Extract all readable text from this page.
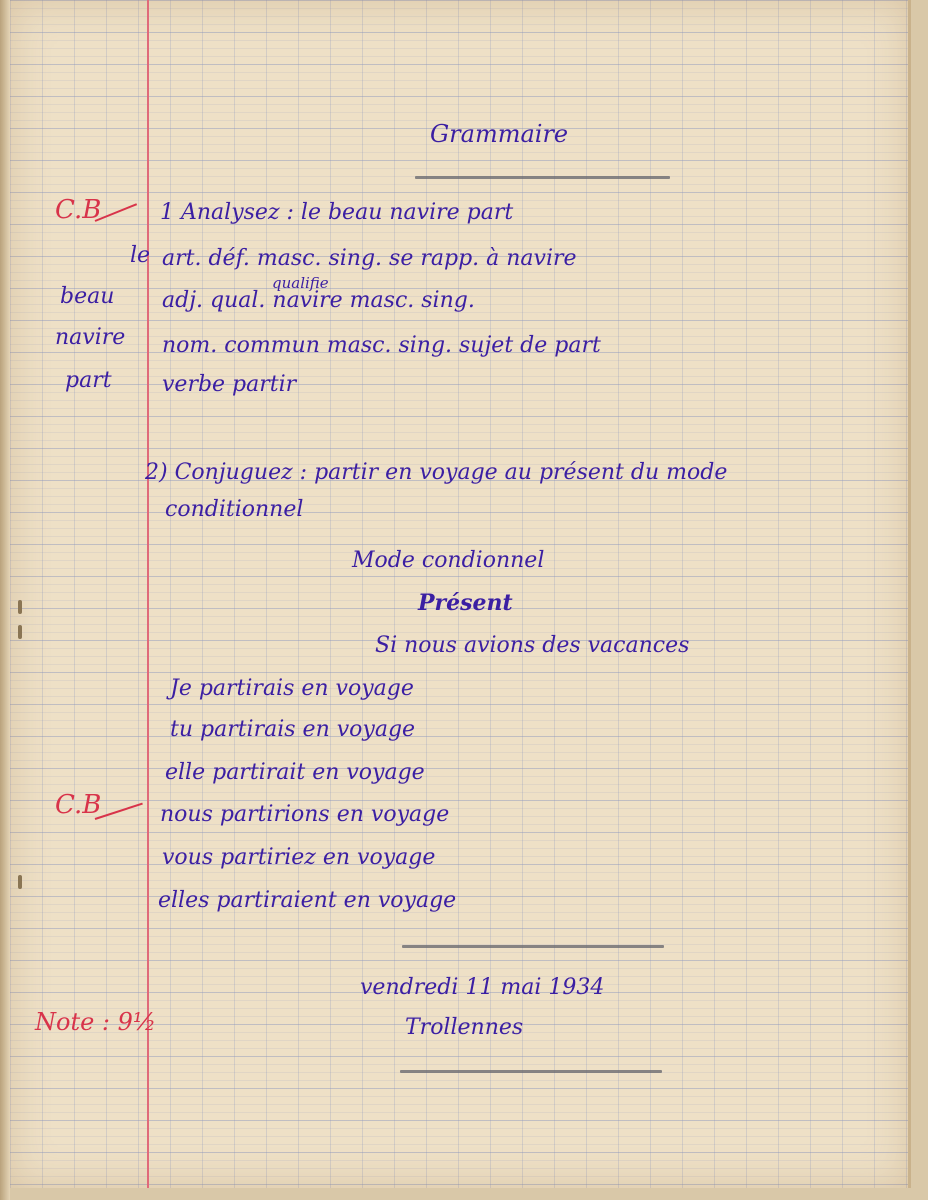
Grammaire
C.B	1 Analysez : le beau navire part
le
beau
navire
part
qualifie
art. déf. masc. sing. se rapp. à navire
adj. qual. navire masc. sing.
nom. commun masc. sing. sujet de part
verbe partir
2) Conjuguez : partir en voyage au présent du mode
conditionnel
Mode condionnel
Présent
Si nous avions des vacances
Je partirais en voyage
tu partirais en voyage
elle partirait en voyage
C.B	nous partirions en voyage
vous partiriez en voyage
elles partiraient en voyage
vendredi 11 mai 1934
Trollennes
Note : 9½
